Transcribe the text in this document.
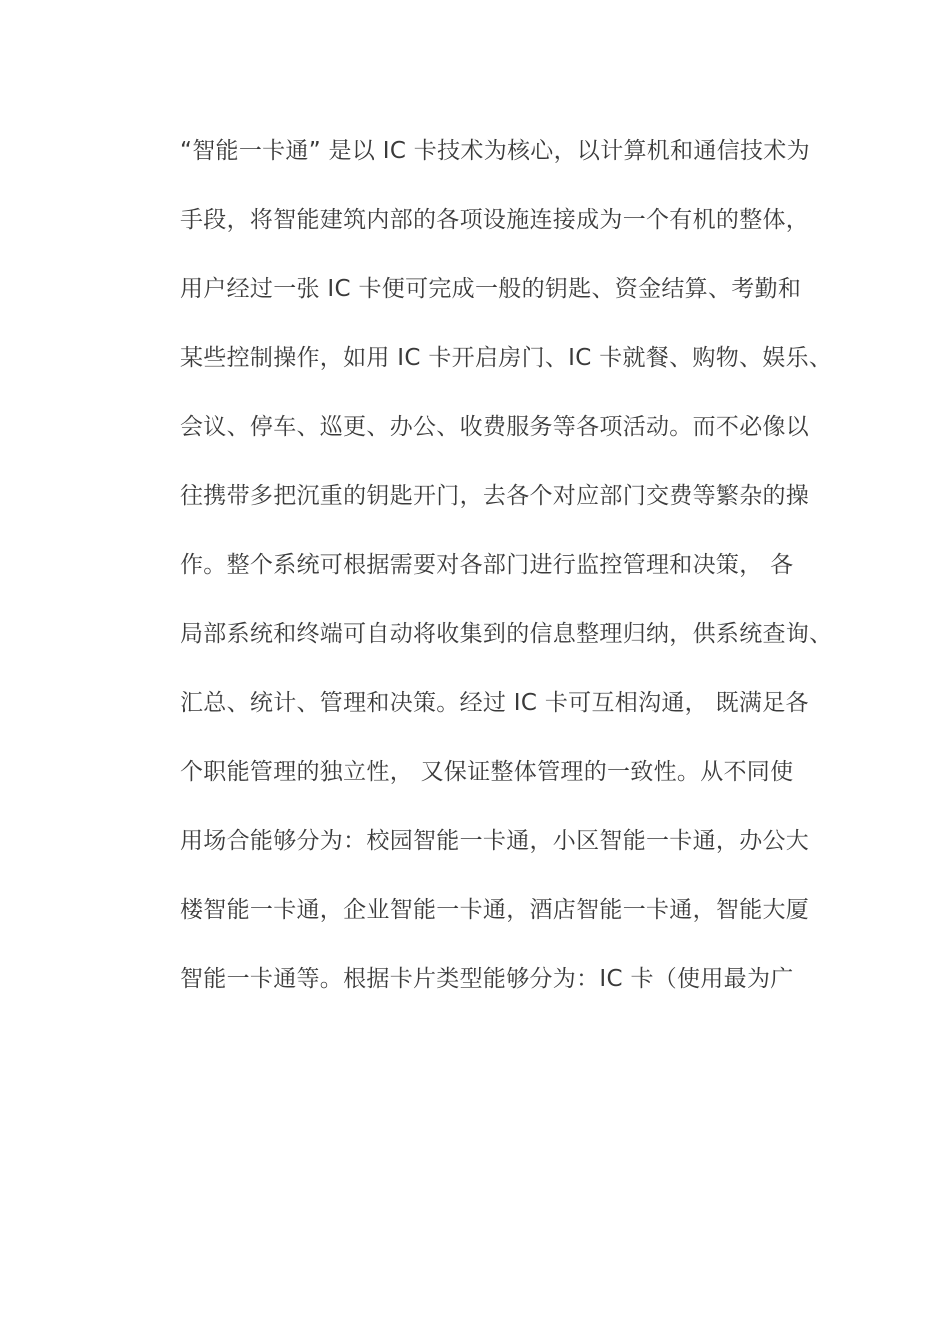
“智能一卡通” 是以 IC 卡技术为核心，以计算机和通信技术为
手段，将智能建筑内部的各项设施连接成为一个有机的整体，
用户经过一张 IC 卡便可完成一般的钥匙、资金结算、考勤和
某些控制操作，如用 IC 卡开启房门、IC 卡就餐、购物、娱乐、
会议、停车、巡更、办公、收费服务等各项活动。而不必像以
往携带多把沉重的钥匙开门，去各个对应部门交费等繁杂的操
作。整个系统可根据需要对各部门进行监控管理和决策， 各
局部系统和终端可自动将收集到的信息整理归纳，供系统查询、
汇总、统计、管理和决策。经过 IC 卡可互相沟通， 既满足各
个职能管理的独立性， 又保证整体管理的一致性。从不同使
用场合能够分为：校园智能一卡通，小区智能一卡通，办公大
楼智能一卡通，企业智能一卡通，酒店智能一卡通，智能大厦
智能一卡通等。根据卡片类型能够分为：IC 卡（使用最为广
